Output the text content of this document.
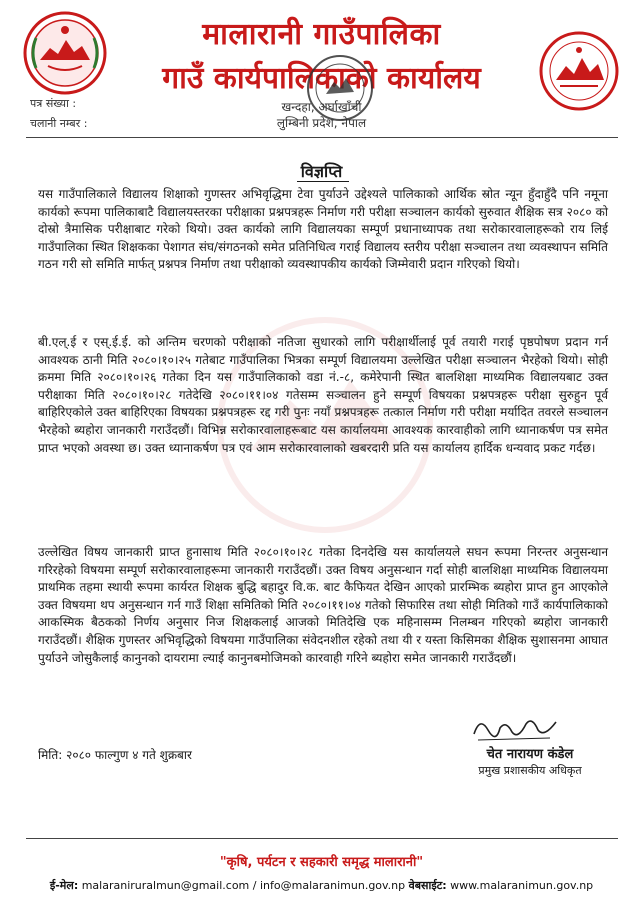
मालारानी गाउँपालिका
गाउँ कार्यपालिकाको कार्यालय
पत्र संख्या :
चलानी नम्बर :
खन्दहा, अर्घाखाँची
लुम्बिनी प्रदेश, नेपाल
विज्ञप्ति
यस गाउँपालिकाले विद्यालय शिक्षाको गुणस्तर अभिवृद्धिमा टेवा पुर्याउने उद्देश्यले पालिकाको आर्थिक स्रोत न्यून हुँदाहुँदै पनि नमूना कार्यको रूपमा पालिकाबाटै विद्यालयस्तरका परीक्षाका प्रश्नपत्रहरू निर्माण गरी परीक्षा सञ्चालन कार्यको सुरुवात शैक्षिक सत्र २०८० को दोस्रो त्रैमासिक परीक्षाबाट गरेको थियो। उक्त कार्यको लागि विद्यालयका सम्पूर्ण प्रधानाध्यापक तथा सरोकारवालाहरूको राय लिई गाउँपालिका स्थित शिक्षकका पेशागत संघ/संगठनको समेत प्रतिनिधित्व गराई विद्यालय स्तरीय परीक्षा सञ्चालन तथा व्यवस्थापन समिति गठन गरी सो समिति मार्फत् प्रश्नपत्र निर्माण तथा परीक्षाको व्यवस्थापकीय कार्यको जिम्मेवारी प्रदान गरिएको थियो।
बी.एल्.ई र एस्.ई.ई. को अन्तिम चरणको परीक्षाको नतिजा सुधारको लागि परीक्षार्थीलाई पूर्व तयारी गराई पृष्ठपोषण प्रदान गर्न आवश्यक ठानी मिति २०८०।१०।२५ गतेबाट गाउँपालिका भित्रका सम्पूर्ण विद्यालयमा उल्लेखित परीक्षा सञ्चालन भैरहेको थियो। सोही क्रममा मिति २०८०।१०।२६ गतेका दिन यस गाउँपालिकाको वडा नं.-८, कमेरेपानी स्थित बालशिक्षा माध्यमिक विद्यालयबाट उक्त परीक्षाका मिति २०८०।१०।२८ गतेदेखि २०८०।११।०४ गतेसम्म सञ्चालन हुने सम्पूर्ण विषयका प्रश्नपत्रहरू परीक्षा सुरुहुन पूर्व बाहिरिएकोले उक्त बाहिरिएका विषयका प्रश्नपत्रहरू रद्द गरी पुनः नयाँ प्रश्नपत्रहरू तत्काल निर्माण गरी परीक्षा मर्यादित तवरले सञ्चालन भैरहेको ब्यहोरा जानकारी गराउँदछौं। विभिन्न सरोकारवालाहरूबाट यस कार्यालयमा आवश्यक कारवाहीको लागि ध्यानाकर्षण पत्र समेत प्राप्त भएको अवस्था छ। उक्त ध्यानाकर्षण पत्र एवं आम सरोकारवालाको खबरदारी प्रति यस कार्यालय हार्दिक धन्यवाद प्रकट गर्दछ।
उल्लेखित विषय जानकारी प्राप्त हुनासाथ मिति २०८०।१०।२८ गतेका दिनदेखि यस कार्यालयले सघन रूपमा निरन्तर अनुसन्धान गरिरहेको विषयमा सम्पूर्ण सरोकारवालाहरूमा जानकारी गराउँदछौं। उक्त विषय अनुसन्धान गर्दा सोही बालशिक्षा माध्यमिक विद्यालयमा प्राथमिक तहमा स्थायी रूपमा कार्यरत शिक्षक बुद्धि बहादुर वि.क. बाट कैफियत देखिन आएको प्रारम्भिक ब्यहोरा प्राप्त हुन आएकोले उक्त विषयमा थप अनुसन्धान गर्न गाउँ शिक्षा समितिको मिति २०८०।११।०४ गतेको सिफारिस तथा सोही मितिको गाउँ कार्यपालिकाको आकस्मिक बैठकको निर्णय अनुसार निज शिक्षकलाई आजको मितिदेखि एक महिनासम्म निलम्बन गरिएको ब्यहोरा जानकारी गराउँदछौं। शैक्षिक गुणस्तर अभिवृद्धिको विषयमा गाउँपालिका संवेदनशील रहेको तथा यी र यस्ता किसिमका शैक्षिक सुशासनमा आघात पुर्याउने जोसुकैलाई कानुनको दायरामा ल्याई कानुनबमोजिमको कारवाही गरिने ब्यहोरा समेत जानकारी गराउँदछौं।
मिति: २०८० फाल्गुण ४ गते शुक्रबार	चेत नारायण कंडेल
प्रमुख प्रशासकीय अधिकृत
"कृषि, पर्यटन र सहकारी समृद्ध मालारानी"
ई-मेल: malaraniruralmun@gmail.com / info@malaranimun.gov.np वेबसाईट: www.malaranimun.gov.np
